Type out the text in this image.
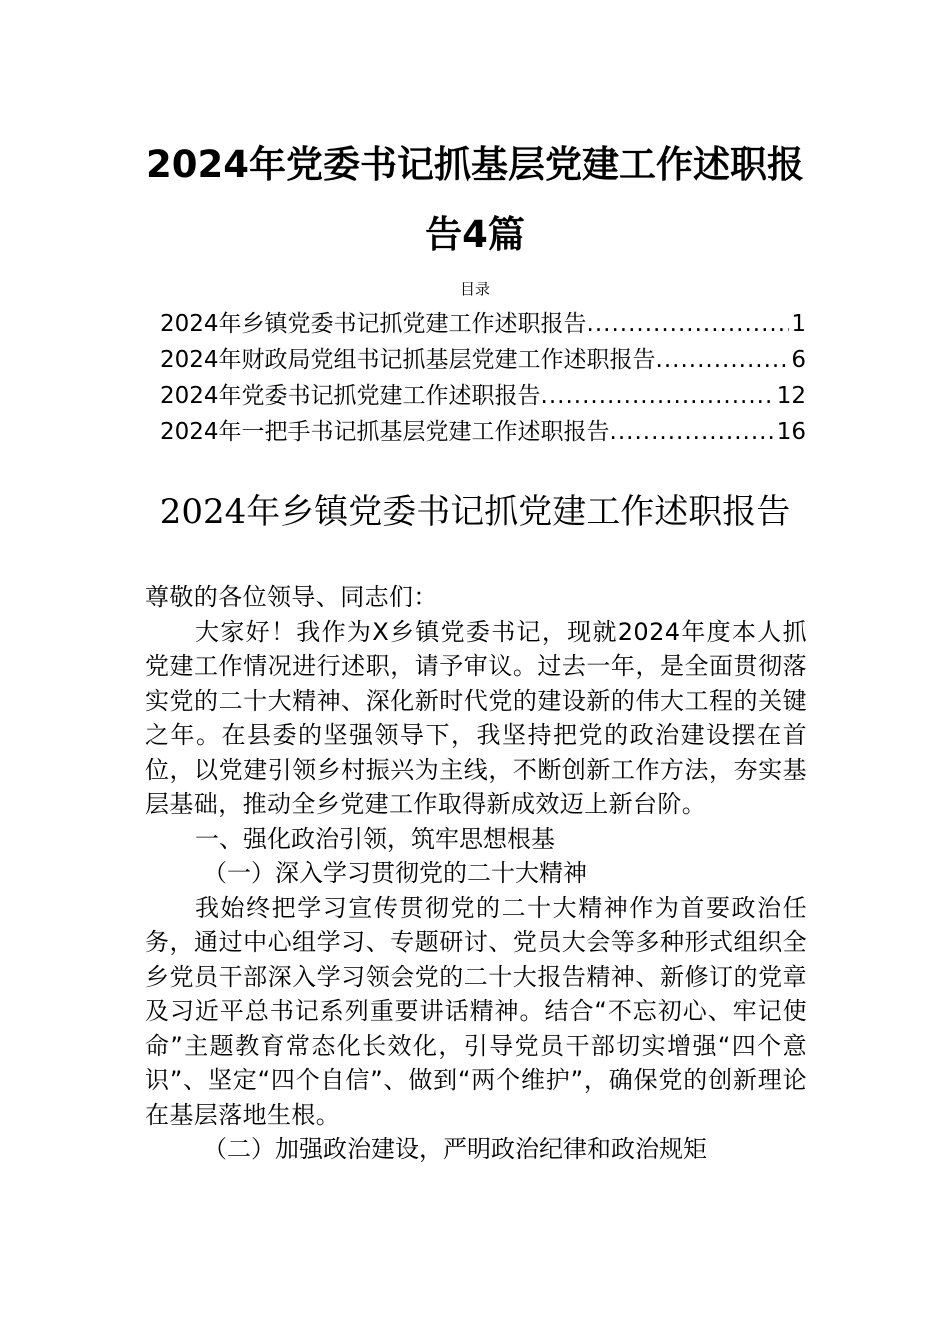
2024年党委书记抓基层党建工作述职报
告4篇
目录
2024年乡镇党委书记抓党建工作述职报告 .....	1
2024年财政局党组书记抓基层党建工作述职报告 .....	6
2024年党委书记抓党建工作述职报告 .....	12
2024年一把手书记抓基层党建工作述职报告 .....	16
2024年乡镇党委书记抓党建工作述职报告

尊敬的各位领导、同志们：

大家好！我作为X乡镇党委书记，现就2024年度本人抓党建工作情况进行述职，请予审议。过去一年，是全面贯彻落实党的二十大精神、深化新时代党的建设新的伟大工程的关键之年。在县委的坚强领导下，我坚持把党的政治建设摆在首位，以党建引领乡村振兴为主线，不断创新工作方法，夯实基层基础，推动全乡党建工作取得新成效迈上新台阶。

一、强化政治引领，筑牢思想根基

（一）深入学习贯彻党的二十大精神

我始终把学习宣传贯彻党的二十大精神作为首要政治任务，通过中心组学习、专题研讨、党员大会等多种形式组织全乡党员干部深入学习领会党的二十大报告精神、新修订的党章及习近平总书记系列重要讲话精神。结合“不忘初心、牢记使命”主题教育常态化长效化，引导党员干部切实增强“四个意识”、坚定“四个自信”、做到“两个维护”，确保党的创新理论在基层落地生根。

（二）加强政治建设，严明政治纪律和政治规矩
